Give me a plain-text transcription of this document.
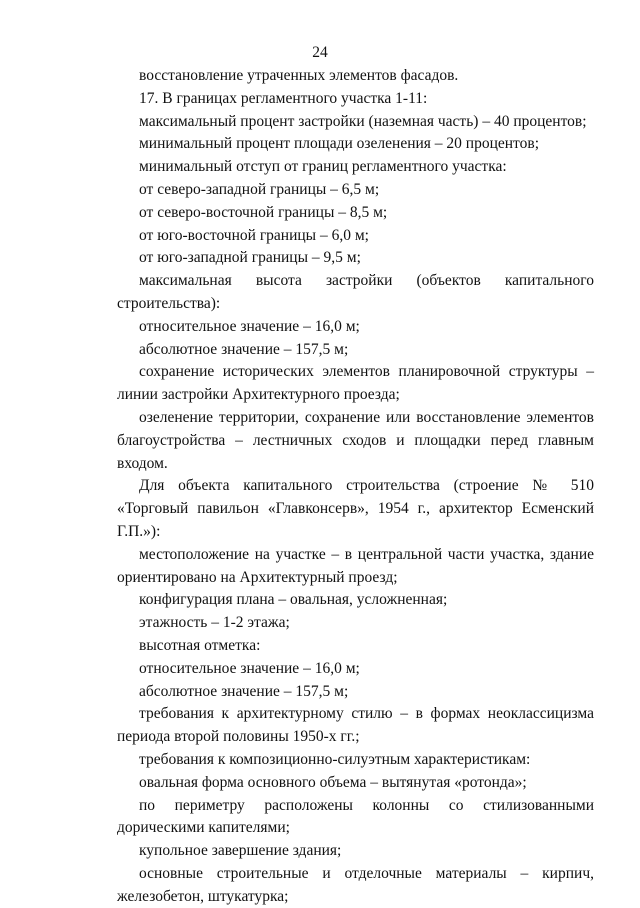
24

восстановление утраченных элементов фасадов.

17. В границах регламентного участка 1-11:

максимальный процент застройки (наземная часть) – 40 процентов;

минимальный процент площади озеленения – 20 процентов;

минимальный отступ от границ регламентного участка:

от северо-западной границы – 6,5 м;

от северо-восточной границы – 8,5 м;

от юго-восточной границы – 6,0 м;

от юго-западной границы – 9,5 м;

максимальная высота застройки (объектов капитального строительства):

относительное значение – 16,0 м;

абсолютное значение – 157,5 м;

сохранение исторических элементов планировочной структуры – линии застройки Архитектурного проезда;

озеленение территории, сохранение или восстановление элементов благоустройства – лестничных сходов и площадки перед главным входом.

Для объекта капитального строительства (строение № 510 «Торговый павильон «Главконсерв», 1954 г., архитектор Есменский Г.П.»):

местоположение на участке – в центральной части участка, здание ориентировано на Архитектурный проезд;

конфигурация плана – овальная, усложненная;

этажность – 1-2 этажа;

высотная отметка:

относительное значение – 16,0 м;

абсолютное значение – 157,5 м;

требования к архитектурному стилю – в формах неоклассицизма периода второй половины 1950-х гг.;

требования к композиционно-силуэтным характеристикам:

овальная форма основного объема – вытянутая «ротонда»;

по периметру расположены колонны со стилизованными дорическими капителями;

купольное завершение здания;

основные строительные и отделочные материалы – кирпич, железобетон, штукатурка;
